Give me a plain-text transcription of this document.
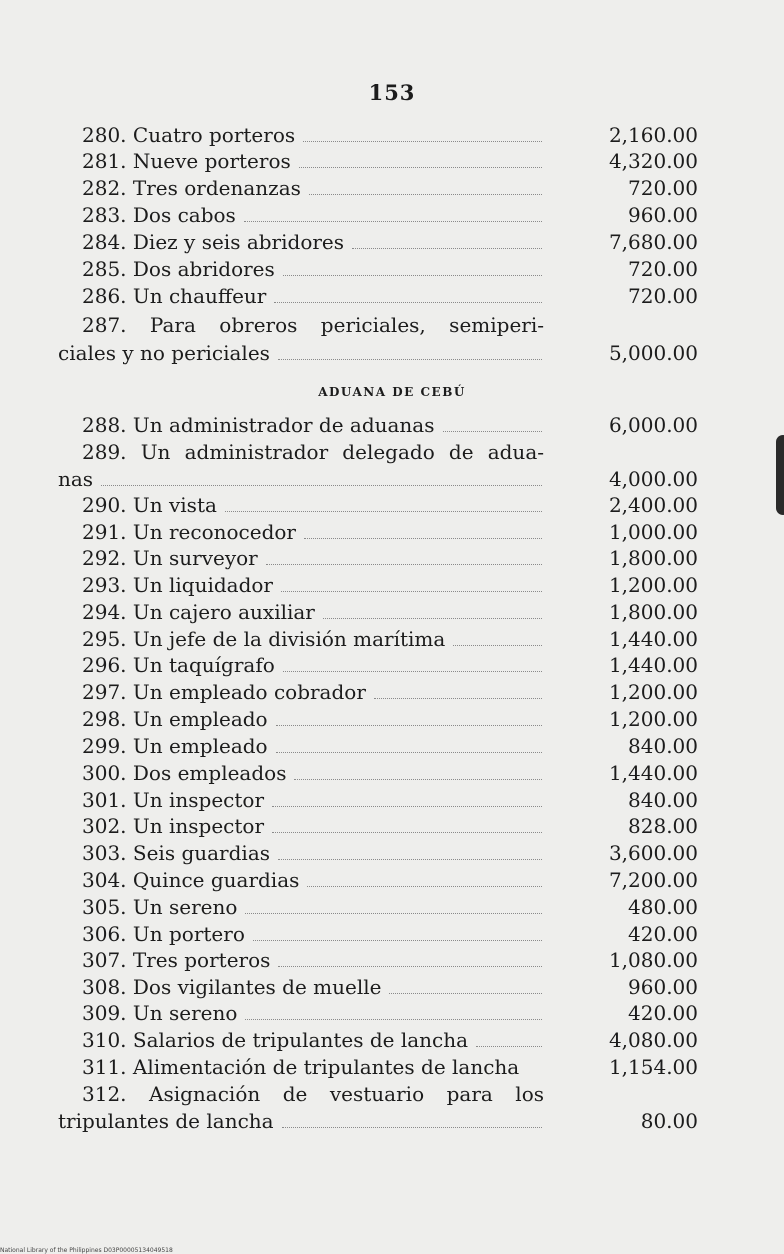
153
280. Cuatro porteros	2,160.00
281. Nueve porteros	4,320.00
282. Tres ordenanzas	720.00
283. Dos cabos	960.00
284. Diez y seis abridores	7,680.00
285. Dos abridores	720.00
286. Un chauffeur	720.00
287. Para obreros periciales, semiperi-
ciales y no periciales	5,000.00
ADUANA DE CEBÚ
288. Un administrador de aduanas	6,000.00
289. Un administrador delegado de adua-
nas	4,000.00
290. Un vista	2,400.00
291. Un reconocedor	1,000.00
292. Un surveyor	1,800.00
293. Un liquidador	1,200.00
294. Un cajero auxiliar	1,800.00
295. Un jefe de la división marítima	1,440.00
296. Un taquígrafo	1,440.00
297. Un empleado cobrador	1,200.00
298. Un empleado	1,200.00
299. Un empleado	840.00
300. Dos empleados	1,440.00
301. Un inspector	840.00
302. Un inspector	828.00
303. Seis guardias	3,600.00
304. Quince guardias	7,200.00
305. Un sereno	480.00
306. Un portero	420.00
307. Tres porteros	1,080.00
308. Dos vigilantes de muelle	960.00
309. Un sereno	420.00
310. Salarios de tripulantes de lancha	4,080.00
311. Alimentación de tripulantes de lancha	1,154.00
312. Asignación de vestuario para los
tripulantes de lancha	80.00
National Library of the Philippines D03P00005134049518
